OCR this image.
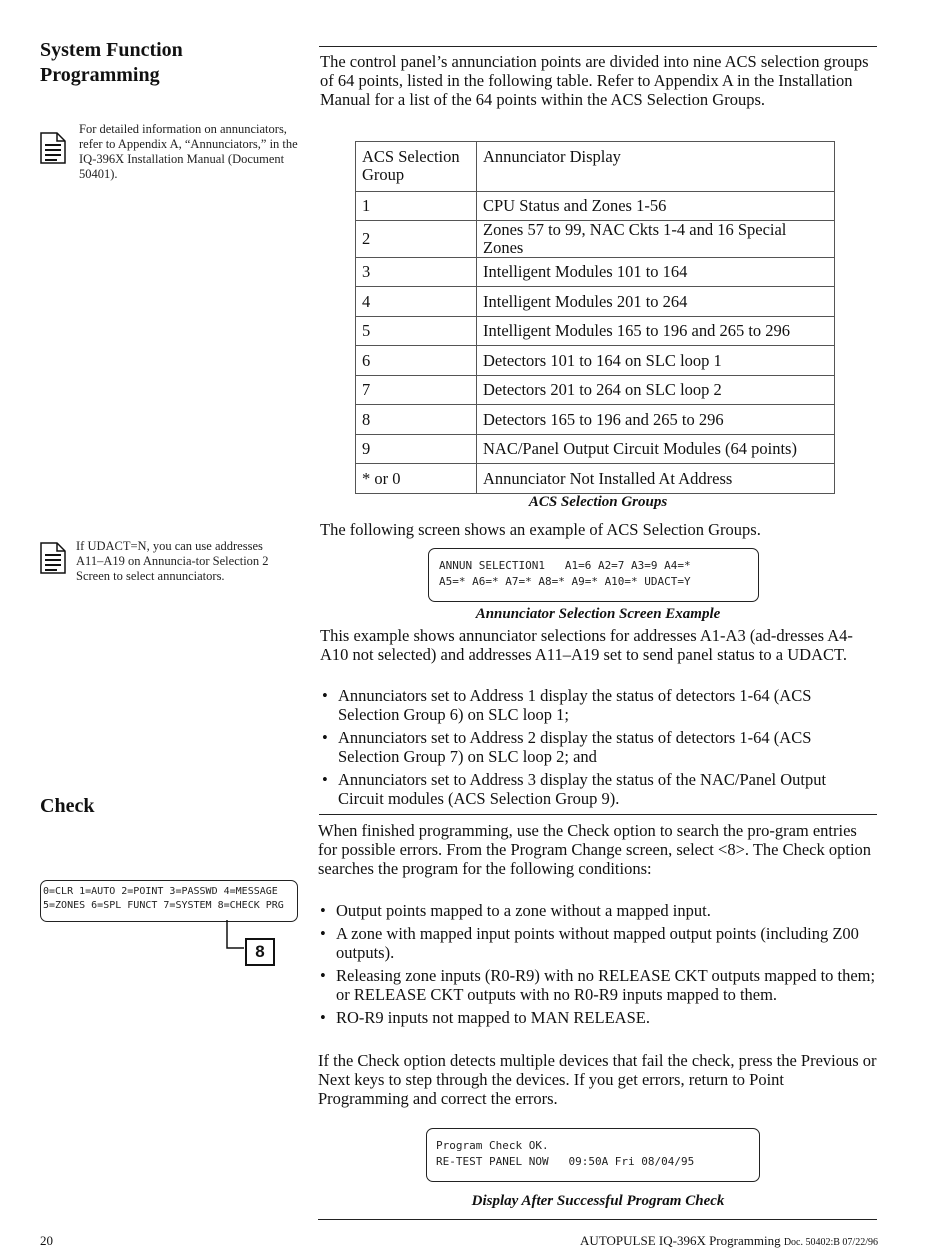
System Function Programming
For detailed information on annunciators, refer to Appendix A, “Annunciators,” in the IQ-396X Installation Manual (Document 50401).
If UDACT=N, you can use addresses A11–A19 on Annuncia-tor Selection 2 Screen to select annunciators.
Check
0=CLR 1=AUTO 2=POINT 3=PASSWD 4=MESSAGE
5=ZONES 6=SPL FUNCT 7=SYSTEM 8=CHECK PRG
8
The control panel’s annunciation points are divided into nine ACS selection groups of 64 points, listed in the following table. Refer to Appendix A in the Installation Manual for a list of the 64 points within the ACS Selection Groups.
ACS Selection Group	Annunciator Display
1	CPU Status and Zones 1-56
2	Zones 57 to 99, NAC Ckts 1-4 and 16 Special Zones
3	Intelligent Modules 101 to 164
4	Intelligent Modules 201 to 264
5	Intelligent Modules 165 to 196 and 265 to 296
6	Detectors 101 to 164 on SLC loop 1
7	Detectors 201 to 264 on SLC loop 2
8	Detectors 165 to 196 and 265 to 296
9	NAC/Panel Output Circuit Modules (64 points)
* or 0	Annunciator Not Installed At Address
ACS Selection Groups
The following screen shows an example of ACS Selection Groups.
ANNUN SELECTION1   A1=6 A2=7 A3=9 A4=*
A5=* A6=* A7=* A8=* A9=* A10=* UDACT=Y
Annunciator Selection Screen Example
This example shows annunciator selections for addresses A1-A3 (ad-dresses A4-A10 not selected) and addresses A11–A19 set to send panel status to a UDACT.
• Annunciators set to Address 1 display the status of detectors 1-64 (ACS Selection Group 6) on SLC loop 1;
• Annunciators set to Address 2 display the status of detectors 1-64 (ACS Selection Group 7) on SLC loop 2; and
• Annunciators set to Address 3 display the status of the NAC/Panel Output Circuit modules (ACS Selection Group 9).
When finished programming, use the Check option to search the pro-gram entries for possible errors. From the Program Change screen, select <8>. The Check option searches the program for the following conditions:
• Output points mapped to a zone without a mapped input.
• A zone with mapped input points without mapped output points (including Z00 outputs).
• Releasing zone inputs (R0-R9) with no RELEASE CKT outputs mapped to them; or RELEASE CKT outputs with no R0-R9 inputs mapped to them.
• RO-R9 inputs not mapped to MAN RELEASE.
If the Check option detects multiple devices that fail the check, press the Previous or Next keys to step through the devices. If you get errors, return to Point Programming and correct the errors.
Program Check OK.
RE-TEST PANEL NOW   09:50A Fri 08/04/95
Display After Successful Program Check
20	AUTOPULSE IQ-396X Programming Doc. 50402:B 07/22/96
